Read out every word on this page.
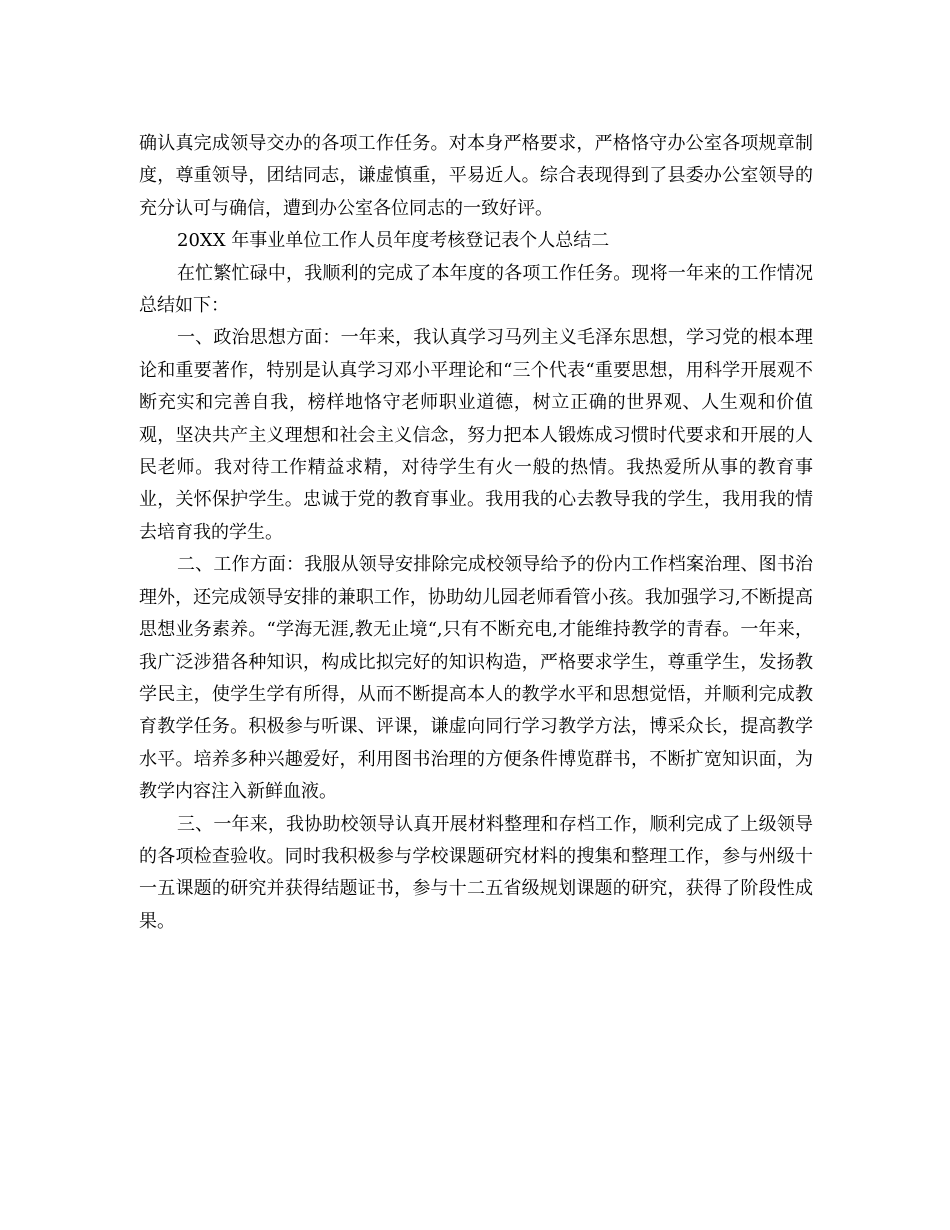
确认真完成领导交办的各项工作任务。对本身严格要求，严格恪守办公室各项规章制度，尊重领导，团结同志，谦虚慎重，平易近人。综合表现得到了县委办公室领导的充分认可与确信，遭到办公室各位同志的一致好评。

20XX 年事业单位工作人员年度考核登记表个人总结二

在忙繁忙碌中，我顺利的完成了本年度的各项工作任务。现将一年来的工作情况总结如下：

一、政治思想方面：一年来，我认真学习马列主义毛泽东思想，学习党的根本理论和重要著作，特别是认真学习邓小平理论和“三个代表“重要思想，用科学开展观不断充实和完善自我，榜样地恪守老师职业道德，树立正确的世界观、人生观和价值观，坚决共产主义理想和社会主义信念，努力把本人锻炼成习惯时代要求和开展的人民老师。我对待工作精益求精，对待学生有火一般的热情。我热爱所从事的教育事业，关怀保护学生。忠诚于党的教育事业。我用我的心去教导我的学生，我用我的情去培育我的学生。

二、工作方面：我服从领导安排除完成校领导给予的份内工作档案治理、图书治理外，还完成领导安排的兼职工作，协助幼儿园老师看管小孩。我加强学习,不断提高思想业务素养。“学海无涯,教无止境“,只有不断充电,才能维持教学的青春。一年来，我广泛涉猎各种知识，构成比拟完好的知识构造，严格要求学生，尊重学生，发扬教学民主，使学生学有所得，从而不断提高本人的教学水平和思想觉悟，并顺利完成教育教学任务。积极参与听课、评课，谦虚向同行学习教学方法，博采众长，提高教学水平。培养多种兴趣爱好，利用图书治理的方便条件博览群书，不断扩宽知识面，为教学内容注入新鲜血液。

三、一年来，我协助校领导认真开展材料整理和存档工作，顺利完成了上级领导的各项检查验收。同时我积极参与学校课题研究材料的搜集和整理工作，参与州级十一五课题的研究并获得结题证书，参与十二五省级规划课题的研究，获得了阶段性成果。
